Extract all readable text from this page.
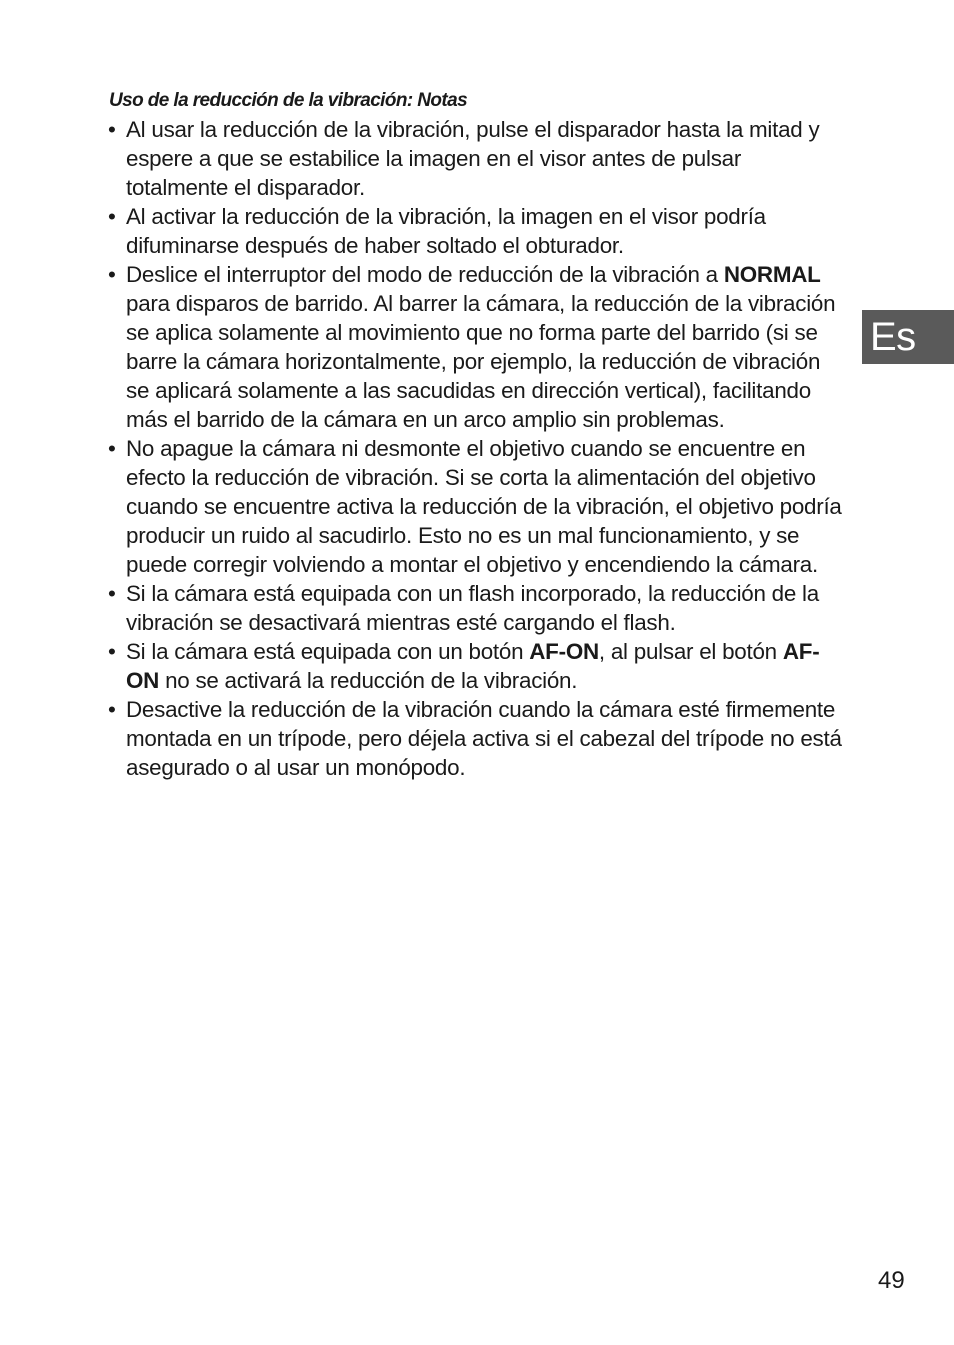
Uso de la reducción de la vibración: Notas
• Al usar la reducción de la vibración, pulse el disparador hasta la mitad y espere a que se estabilice la imagen en el visor antes de pulsar totalmente el disparador.
• Al activar la reducción de la vibración, la imagen en el visor podría difuminarse después de haber soltado el obturador.
• Deslice el interruptor del modo de reducción de la vibración a NORMAL para disparos de barrido. Al barrer la cámara, la reducción de la vibración se aplica solamente al movimiento que no forma parte del barrido (si se barre la cámara horizontalmente, por ejemplo, la reducción de vibración se aplicará solamente a las sacudidas en dirección vertical), facilitando más el barrido de la cámara en un arco amplio sin problemas.
• No apague la cámara ni desmonte el objetivo cuando se encuentre en efecto la reducción de vibración. Si se corta la alimentación del objetivo cuando se encuentre activa la reducción de la vibración, el objetivo podría producir un ruido al sacudirlo. Esto no es un mal funcionamiento, y se puede corregir volviendo a montar el objetivo y encendiendo la cámara.
• Si la cámara está equipada con un flash incorporado, la reducción de la vibración se desactivará mientras esté cargando el flash.
• Si la cámara está equipada con un botón AF-ON, al pulsar el botón AF-ON no se activará la reducción de la vibración.
• Desactive la reducción de la vibración cuando la cámara esté firmemente montada en un trípode, pero déjela activa si el cabezal del trípode no está asegurado o al usar un monópodo.
Es
49
